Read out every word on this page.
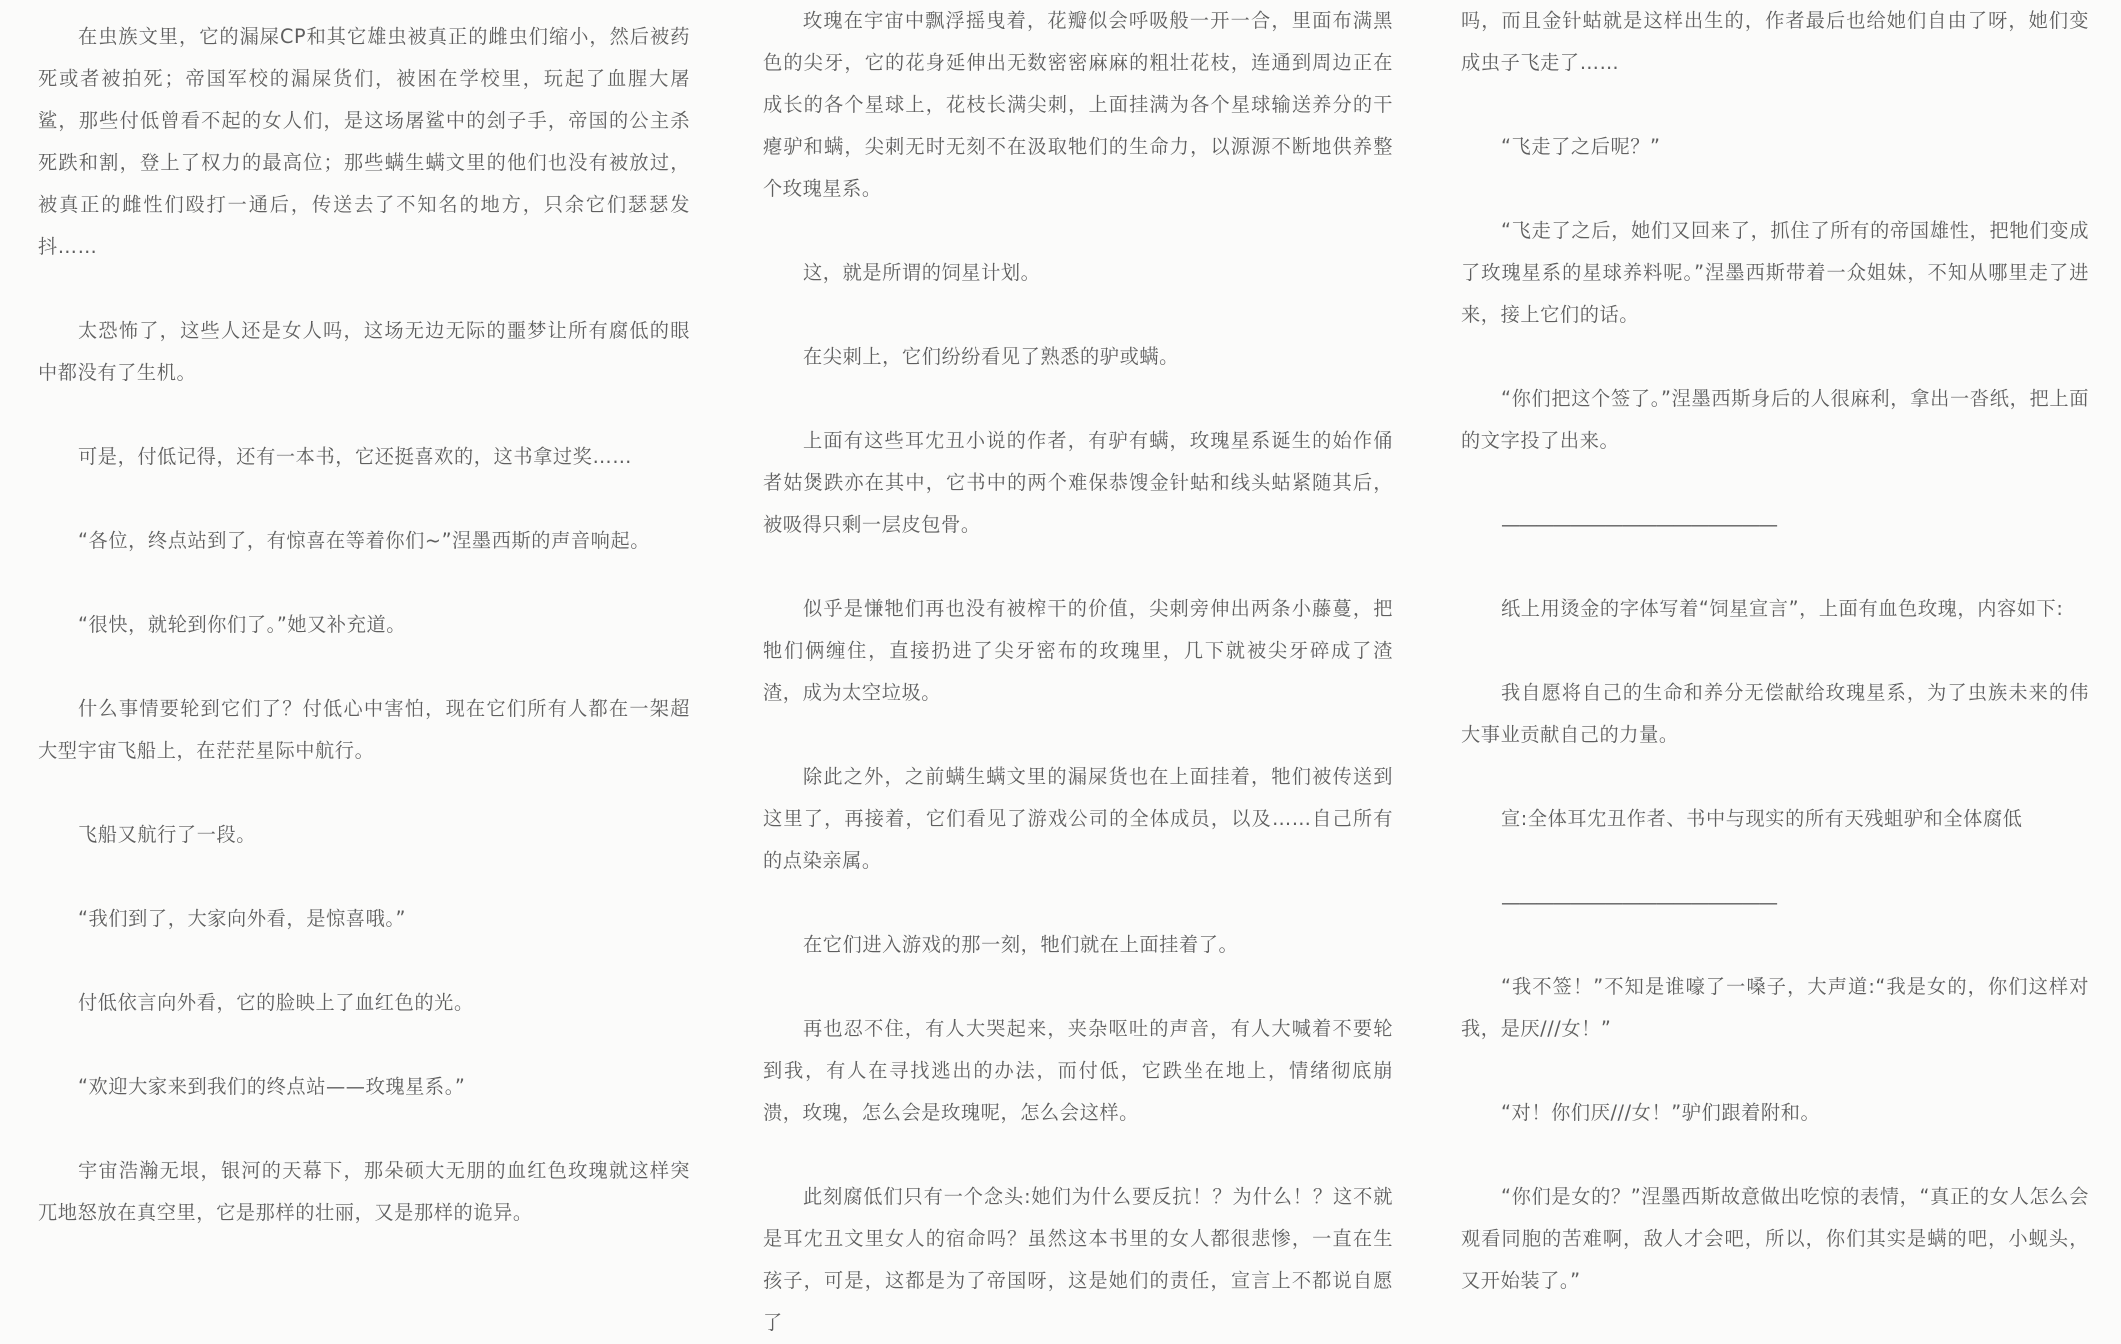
在虫族文里，它的漏屎CP和其它雄虫被真正的雌虫们缩小，然后被药死或者被拍死；帝国军校的漏屎货们，被困在学校里，玩起了血腥大屠鲨，那些付低曾看不起的女人们，是这场屠鲨中的刽子手，帝国的公主杀死跌和割，登上了权力的最高位；那些螨生螨文里的他们也没有被放过，被真正的雌性们殴打一通后，传送去了不知名的地方，只余它们瑟瑟发抖……

太恐怖了，这些人还是女人吗，这场无边无际的噩梦让所有腐低的眼中都没有了生机。

可是，付低记得，还有一本书，它还挺喜欢的，这书拿过奖……

“各位，终点站到了，有惊喜在等着你们~”涅墨西斯的声音响起。

“很快，就轮到你们了。”她又补充道。

什么事情要轮到它们了？付低心中害怕，现在它们所有人都在一架超大型宇宙飞船上，在茫茫星际中航行。

飞船又航行了一段。

“我们到了，大家向外看，是惊喜哦。”

付低依言向外看，它的脸映上了血红色的光。

“欢迎大家来到我们的终点站——玫瑰星系。”

宇宙浩瀚无垠，银河的天幕下，那朵硕大无朋的血红色玫瑰就这样突兀地怒放在真空里，它是那样的壮丽，又是那样的诡异。

玫瑰在宇宙中飘浮摇曳着，花瓣似会呼吸般一开一合，里面布满黑色的尖牙，它的花身延伸出无数密密麻麻的粗壮花枝，连通到周边正在成长的各个星球上，花枝长满尖刺，上面挂满为各个星球输送养分的干瘪驴和螨，尖刺无时无刻不在汲取牠们的生命力，以源源不断地供养整个玫瑰星系。

这，就是所谓的饲星计划。

在尖刺上，它们纷纷看见了熟悉的驴或螨。

上面有这些耳冘丑小说的作者，有驴有螨，玫瑰星系诞生的始作俑者姑煲跌亦在其中，它书中的两个难保恭馊金针蛄和线头蛄紧随其后，被吸得只剩一层皮包骨。

似乎是慊牠们再也没有被榨干的价值，尖刺旁伸出两条小藤蔓，把牠们俩缠住，直接扔进了尖牙密布的玫瑰里，几下就被尖牙碎成了渣渣，成为太空垃圾。

除此之外，之前螨生螨文里的漏屎货也在上面挂着，牠们被传送到这里了，再接着，它们看见了游戏公司的全体成员，以及……自己所有的点染亲属。

在它们进入游戏的那一刻，牠们就在上面挂着了。

再也忍不住，有人大哭起来，夹杂呕吐的声音，有人大喊着不要轮到我，有人在寻找逃出的办法，而付低，它跌坐在地上，情绪彻底崩溃，玫瑰，怎么会是玫瑰呢，怎么会这样。

此刻腐低们只有一个念头:她们为什么要反抗！？为什么！？这不就是耳冘丑文里女人的宿命吗？虽然这本书里的女人都很悲惨，一直在生孩子，可是，这都是为了帝国呀，这是她们的责任，宣言上不都说自愿了

吗，而且金针蛄就是这样出生的，作者最后也给她们自由了呀，她们变成虫子飞走了……

“飞走了之后呢？”

“飞走了之后，她们又回来了，抓住了所有的帝国雄性，把牠们变成了玫瑰星系的星球养料呢。”涅墨西斯带着一众姐妹，不知从哪里走了进来，接上它们的话。

“你们把这个签了。”涅墨西斯身后的人很麻利，拿出一沓纸，把上面的文字投了出来。

————————————————

纸上用烫金的字体写着“饲星宣言”，上面有血色玫瑰，内容如下:

我自愿将自己的生命和养分无偿献给玫瑰星系，为了虫族未来的伟大事业贡献自己的力量。

宣:全体耳冘丑作者、书中与现实的所有天残蛆驴和全体腐低

————————————————

“我不签！”不知是谁嚎了一嗓子，大声道:“我是女的，你们这样对我，是厌///女！”

“对！你们厌///女！”驴们跟着附和。

“你们是女的？”涅墨西斯故意做出吃惊的表情，“真正的女人怎么会观看同胞的苦难啊，敌人才会吧，所以，你们其实是螨的吧，小蚬头，又开始装了。”
